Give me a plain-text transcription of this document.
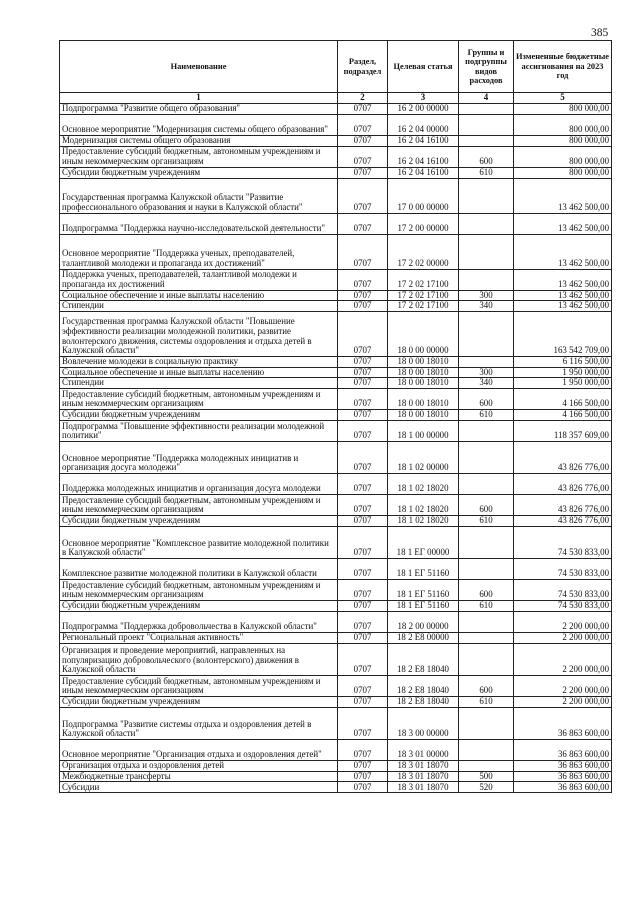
385
Наименование	Раздел, подраздел	Целевая статья	Группы и подгруппы видов расходов	Измененные бюджетные ассигнования на 2023 год
1	2	3	4	5
Подпрограмма "Развитие общего образования"	0707	16 2 00 00000		800 000,00
Основное мероприятие "Модернизация системы общего образования"	0707	16 2 04 00000		800 000,00
Модернизация системы общего образования	0707	16 2 04 16100		800 000,00
Предоставление субсидий бюджетным, автономным учреждениям и иным некоммерческим организациям	0707	16 2 04 16100	600	800 000,00
Субсидии бюджетным учреждениям	0707	16 2 04 16100	610	800 000,00
Государственная программа Калужской области "Развитие профессионального образования и науки в Калужской области"	0707	17 0 00 00000		13 462 500,00
Подпрограмма "Поддержка научно-исследовательской деятельности"	0707	17 2 00 00000		13 462 500,00
Основное мероприятие "Поддержка ученых, преподавателей, талантливой молодежи и пропаганда их достижений"	0707	17 2 02 00000		13 462 500,00
Поддержка ученых, преподавателей, талантливой молодежи и пропаганда их достижений	0707	17 2 02 17100		13 462 500,00
Социальное обеспечение и иные выплаты населению	0707	17 2 02 17100	300	13 462 500,00
Стипендии	0707	17 2 02 17100	340	13 462 500,00
Государственная программа Калужской области "Повышение эффективности реализации молодежной политики, развитие волонтерского движения, системы оздоровления и отдыха детей в Калужской области"	0707	18 0 00 00000		163 542 709,00
Вовлечение молодежи в социальную практику	0707	18 0 00 18010		6 116 500,00
Социальное обеспечение и иные выплаты населению	0707	18 0 00 18010	300	1 950 000,00
Стипендии	0707	18 0 00 18010	340	1 950 000,00
Предоставление субсидий бюджетным, автономным учреждениям и иным некоммерческим организациям	0707	18 0 00 18010	600	4 166 500,00
Субсидии бюджетным учреждениям	0707	18 0 00 18010	610	4 166 500,00
Подпрограмма "Повышение эффективности реализации молодежной политики"	0707	18 1 00 00000		118 357 609,00
Основное мероприятие "Поддержка молодежных инициатив и организация досуга молодежи"	0707	18 1 02 00000		43 826 776,00
Поддержка молодежных инициатив и организация досуга молодежи	0707	18 1 02 18020		43 826 776,00
Предоставление субсидий бюджетным, автономным учреждениям и иным некоммерческим организациям	0707	18 1 02 18020	600	43 826 776,00
Субсидии бюджетным учреждениям	0707	18 1 02 18020	610	43 826 776,00
Основное мероприятие "Комплексное развитие молодежной политики в Калужской области"	0707	18 1 ЕГ 00000		74 530 833,00
Комплексное развитие молодежной политики в Калужской области	0707	18 1 ЕГ 51160		74 530 833,00
Предоставление субсидий бюджетным, автономным учреждениям и иным некоммерческим организациям	0707	18 1 ЕГ 51160	600	74 530 833,00
Субсидии бюджетным учреждениям	0707	18 1 ЕГ 51160	610	74 530 833,00
Подпрограмма "Поддержка добровольчества в Калужской области"	0707	18 2 00 00000		2 200 000,00
Региональный проект "Социальная активность"	0707	18 2 Е8 00000		2 200 000,00
Организация и проведение мероприятий, направленных на популяризацию добровольческого (волонтерского) движения в Калужской области	0707	18 2 Е8 18040		2 200 000,00
Предоставление субсидий бюджетным, автономным учреждениям и иным некоммерческим организациям	0707	18 2 Е8 18040	600	2 200 000,00
Субсидии бюджетным учреждениям	0707	18 2 Е8 18040	610	2 200 000,00
Подпрограмма "Развитие системы отдыха и оздоровления детей в Калужской области"	0707	18 3 00 00000		36 863 600,00
Основное мероприятие "Организация отдыха и оздоровления детей"	0707	18 3 01 00000		36 863 600,00
Организация отдыха и оздоровления детей	0707	18 3 01 18070		36 863 600,00
Межбюджетные трансферты	0707	18 3 01 18070	500	36 863 600,00
Субсидии	0707	18 3 01 18070	520	36 863 600,00
